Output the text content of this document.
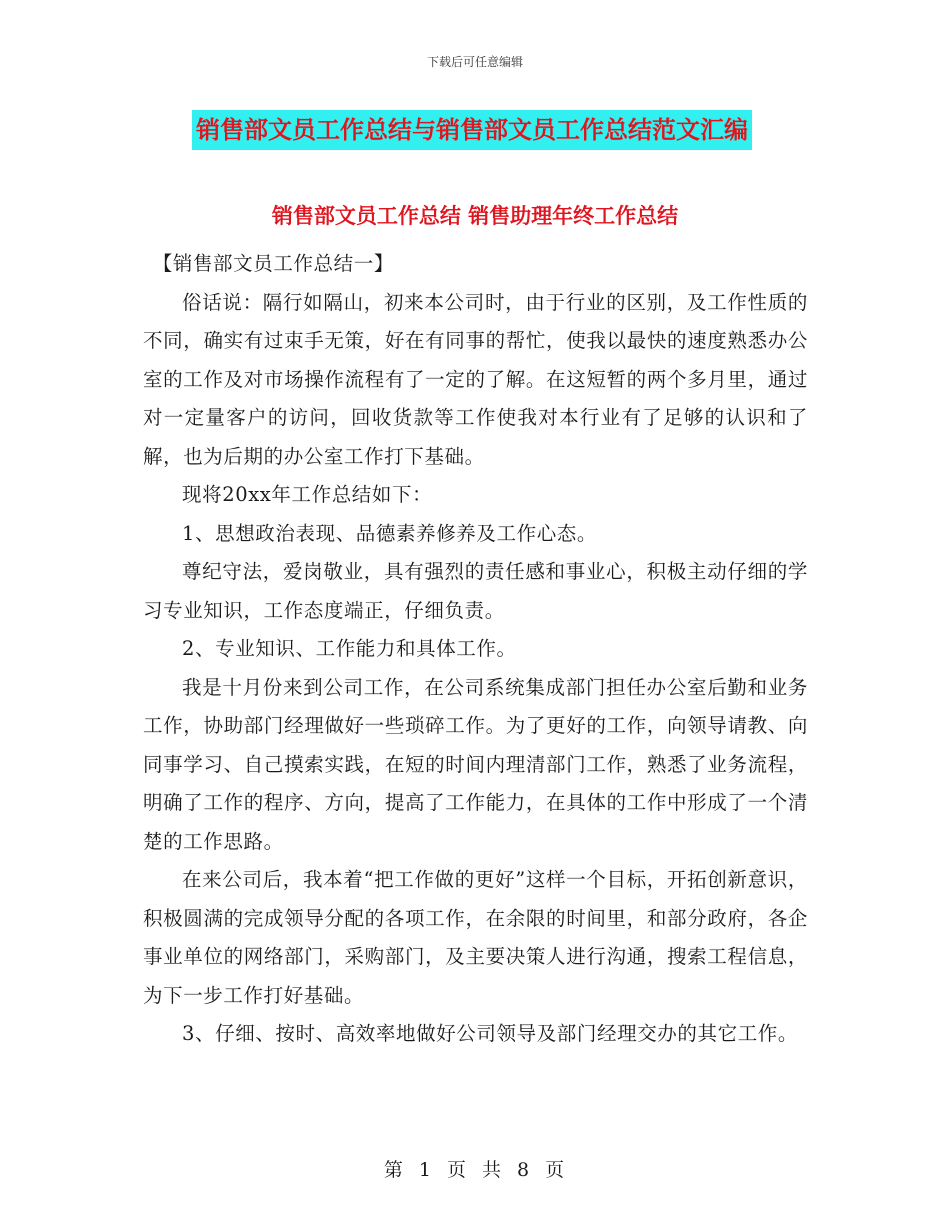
下载后可任意编辑
销售部文员工作总结与销售部文员工作总结范文汇编
销售部文员工作总结 销售助理年终工作总结

【销售部文员工作总结一】

俗话说：隔行如隔山，初来本公司时，由于行业的区别，及工作性质的不同，确实有过束手无策，好在有同事的帮忙，使我以最快的速度熟悉办公室的工作及对市场操作流程有了一定的了解。在这短暂的两个多月里，通过对一定量客户的访问，回收货款等工作使我对本行业有了足够的认识和了解，也为后期的办公室工作打下基础。

现将20xx年工作总结如下：

1、思想政治表现、品德素养修养及工作心态。

尊纪守法，爱岗敬业，具有强烈的责任感和事业心，积极主动仔细的学习专业知识，工作态度端正，仔细负责。

2、专业知识、工作能力和具体工作。

我是十月份来到公司工作，在公司系统集成部门担任办公室后勤和业务工作，协助部门经理做好一些琐碎工作。为了更好的工作，向领导请教、向同事学习、自己摸索实践，在短的时间内理清部门工作，熟悉了业务流程，明确了工作的程序、方向，提高了工作能力，在具体的工作中形成了一个清楚的工作思路。

在来公司后，我本着“把工作做的更好”这样一个目标，开拓创新意识，积极圆满的完成领导分配的各项工作，在余限的时间里，和部分政府，各企事业单位的网络部门，采购部门，及主要决策人进行沟通，搜索工程信息，为下一步工作打好基础。

3、仔细、按时、高效率地做好公司领导及部门经理交办的其它工作。

第 1 页 共 8 页
